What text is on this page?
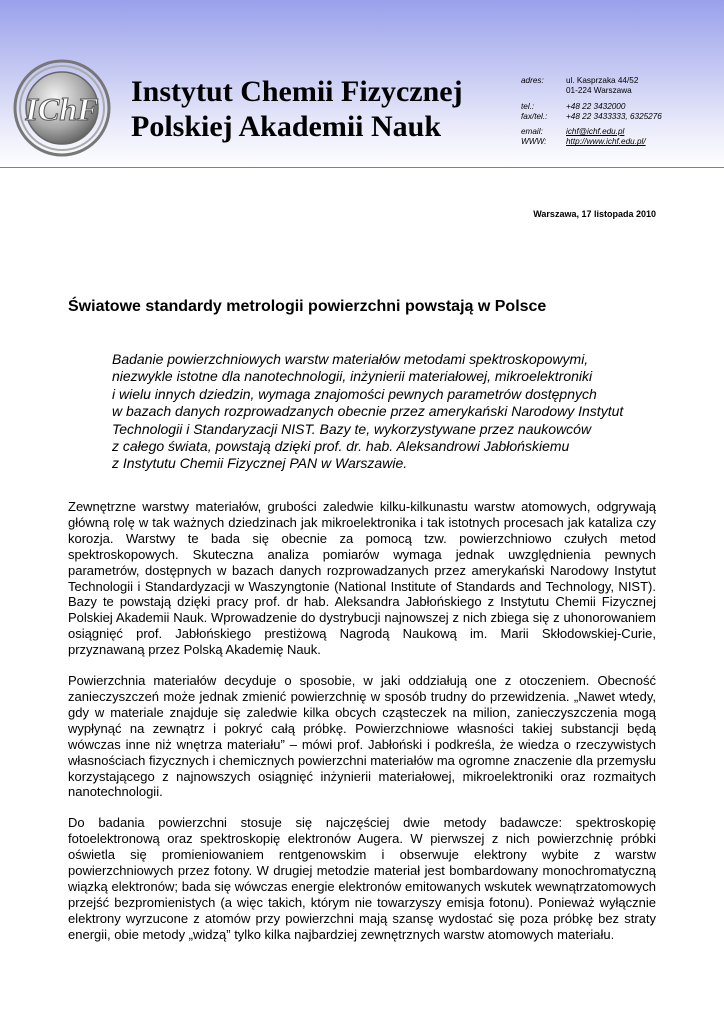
IChF Instytut Chemii Fizycznej
Polskiej Akademii Nauk
adres:	ul. Kasprzaka 44/52
01-224 Warszawa
tel.:	+48 22 3432000
fax/tel.:	+48 22 3433333, 6325276
email:	ichf@ichf.edu.pl
WWW:	http://www.ichf.edu.pl/
Warszawa, 17 listopada 2010
Światowe standardy metrologii powierzchni powstają w Polsce
Badanie powierzchniowych warstw materiałów metodami spektroskopowymi,
niezwykle istotne dla nanotechnologii, inżynierii materiałowej, mikroelektroniki
i wielu innych dziedzin, wymaga znajomości pewnych parametrów dostępnych
w bazach danych rozprowadzanych obecnie przez amerykański Narodowy Instytut
Technologii i Standaryzacji NIST. Bazy te, wykorzystywane przez naukowców
z całego świata, powstają dzięki prof. dr. hab. Aleksandrowi Jabłońskiemu
z Instytutu Chemii Fizycznej PAN w Warszawie.

Zewnętrzne warstwy materiałów, grubości zaledwie kilku-kilkunastu warstw atomowych, odgrywają główną rolę w tak ważnych dziedzinach jak mikroelektronika i tak istotnych procesach jak kataliza czy korozja. Warstwy te bada się obecnie za pomocą tzw. powierzchniowo czułych metod spektroskopowych. Skuteczna analiza pomiarów wymaga jednak uwzględnienia pewnych parametrów, dostępnych w bazach danych rozprowadzanych przez amerykański Narodowy Instytut Technologii i Standardyzacji w Waszyngtonie (National Institute of Standards and Technology, NIST). Bazy te powstają dzięki pracy prof. dr hab. Aleksandra Jabłońskiego z Instytutu Chemii Fizycznej Polskiej Akademii Nauk. Wprowadzenie do dystrybucji najnowszej z nich zbiega się z uhonorowaniem osiągnięć prof. Jabłońskiego prestiżową Nagrodą Naukową im. Marii Skłodowskiej-Curie, przyznawaną przez Polską Akademię Nauk.

Powierzchnia materiałów decyduje o sposobie, w jaki oddziałują one z otoczeniem. Obecność zanieczyszczeń może jednak zmienić powierzchnię w sposób trudny do przewidzenia. „Nawet wtedy, gdy w materiale znajduje się zaledwie kilka obcych cząsteczek na milion, zanieczyszczenia mogą wypłynąć na zewnątrz i pokryć całą próbkę. Powierzchniowe własności takiej substancji będą wówczas inne niż wnętrza materiału” – mówi prof. Jabłoński i podkreśla, że wiedza o rzeczywistych własnościach fizycznych i chemicznych powierzchni materiałów ma ogromne znaczenie dla przemysłu korzystającego z najnowszych osiągnięć inżynierii materiałowej, mikroelektroniki oraz rozmaitych nanotechnologii.

Do badania powierzchni stosuje się najczęściej dwie metody badawcze: spektroskopię fotoelektronową oraz spektroskopię elektronów Augera. W pierwszej z nich powierzchnię próbki oświetla się promieniowaniem rentgenowskim i obserwuje elektrony wybite z warstw powierzchniowych przez fotony. W drugiej metodzie materiał jest bombardowany monochromatyczną wiązką elektronów; bada się wówczas energie elektronów emitowanych wskutek wewnątrzatomowych przejść bezpromienistych (a więc takich, którym nie towarzyszy emisja fotonu). Ponieważ wyłącznie elektrony wyrzucone z atomów przy powierzchni mają szansę wydostać się poza próbkę bez straty energii, obie metody „widzą” tylko kilka najbardziej zewnętrznych warstw atomowych materiału.
